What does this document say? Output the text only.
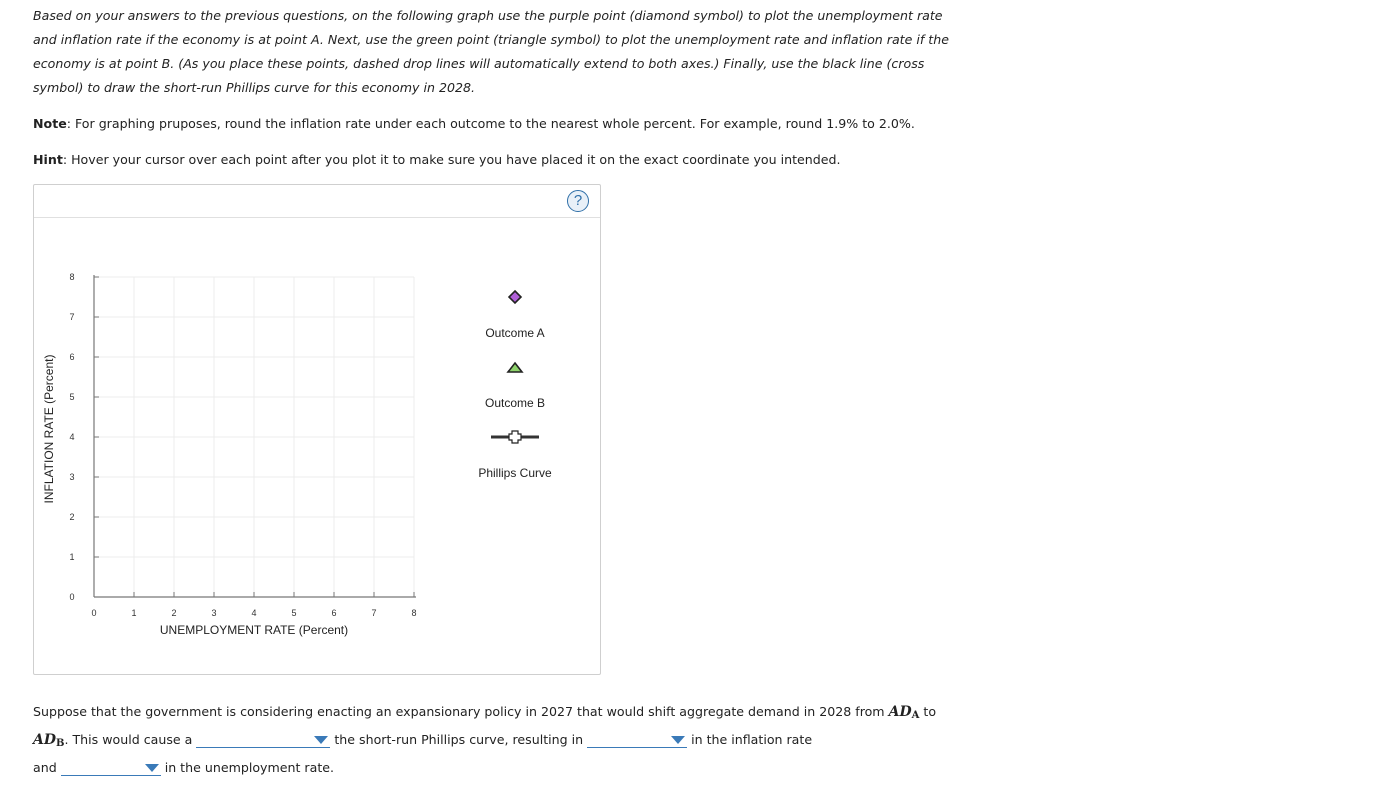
Based on your answers to the previous questions, on the following graph use the purple point (diamond symbol) to plot the unemployment rate and inflation rate if the economy is at point A. Next, use the green point (triangle symbol) to plot the unemployment rate and inflation rate if the economy is at point B. (As you place these points, dashed drop lines will automatically extend to both axes.) Finally, use the black line (cross symbol) to draw the short-run Phillips curve for this economy in 2028.

Note: For graphing pruposes, round the inflation rate under each outcome to the nearest whole percent. For example, round 1.9% to 2.0%.

Hint: Hover your cursor over each point after you plot it to make sure you have placed it on the exact coordinate you intended.

?
0	1	2	3	4	5	6	7	8
0
1
2
3
4
5
6
7
8
INFLATION RATE (Percent)
UNEMPLOYMENT RATE (Percent)
Outcome A
Outcome B
Phillips Curve

Suppose that the government is considering enacting an expansionary policy in 2027 that would shift aggregate demand in 2028 from $AD_A$ to
$AD_B$. This would cause a	the short-run Phillips curve, resulting in	in the inflation rate
and	in the unemployment rate.
